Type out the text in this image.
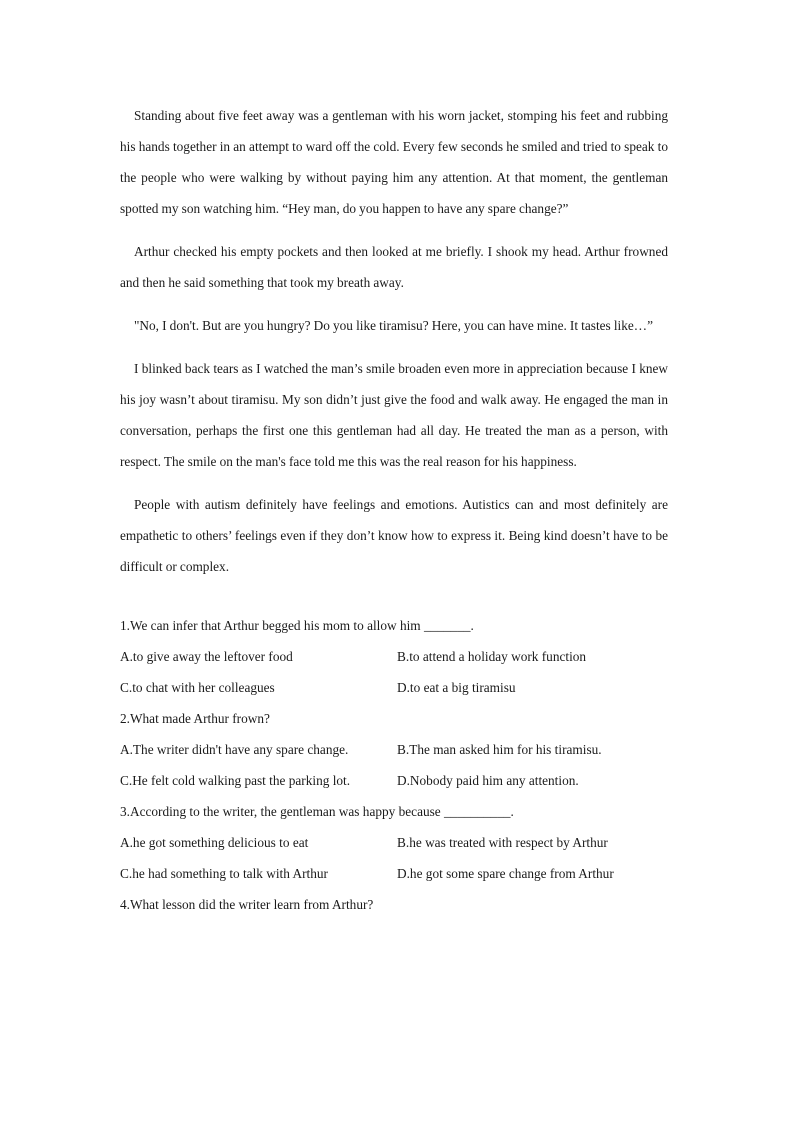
Standing about five feet away was a gentleman with his worn jacket, stomping his feet and rubbing his hands together in an attempt to ward off the cold. Every few seconds he smiled and tried to speak to the people who were walking by without paying him any attention. At that moment, the gentleman spotted my son watching him. “Hey man, do you happen to have any spare change?”

Arthur checked his empty pockets and then looked at me briefly. I shook my head. Arthur frowned and then he said something that took my breath away.

"No, I don't. But are you hungry? Do you like tiramisu? Here, you can have mine. It tastes like…”

I blinked back tears as I watched the man’s smile broaden even more in appreciation because I knew his joy wasn’t about tiramisu. My son didn’t just give the food and walk away. He engaged the man in conversation, perhaps the first one this gentleman had all day. He treated the man as a person, with respect. The smile on the man's face told me this was the real reason for his happiness.

People with autism definitely have feelings and emotions. Autistics can and most definitely are empathetic to others’ feelings even if they don’t know how to express it. Being kind doesn’t have to be difficult or complex.

1.We can infer that Arthur begged his mom to allow him _______.

A.to give away the leftover food	B.to attend a holiday work function
C.to chat with her colleagues	D.to eat a big tiramisu

2.What made Arthur frown?

A.The writer didn't have any spare change.	B.The man asked him for his tiramisu.
C.He felt cold walking past the parking lot.	D.Nobody paid him any attention.

3.According to the writer, the gentleman was happy because __________.

A.he got something delicious to eat	B.he was treated with respect by Arthur
C.he had something to talk with Arthur	D.he got some spare change from Arthur

4.What lesson did the writer learn from Arthur?
